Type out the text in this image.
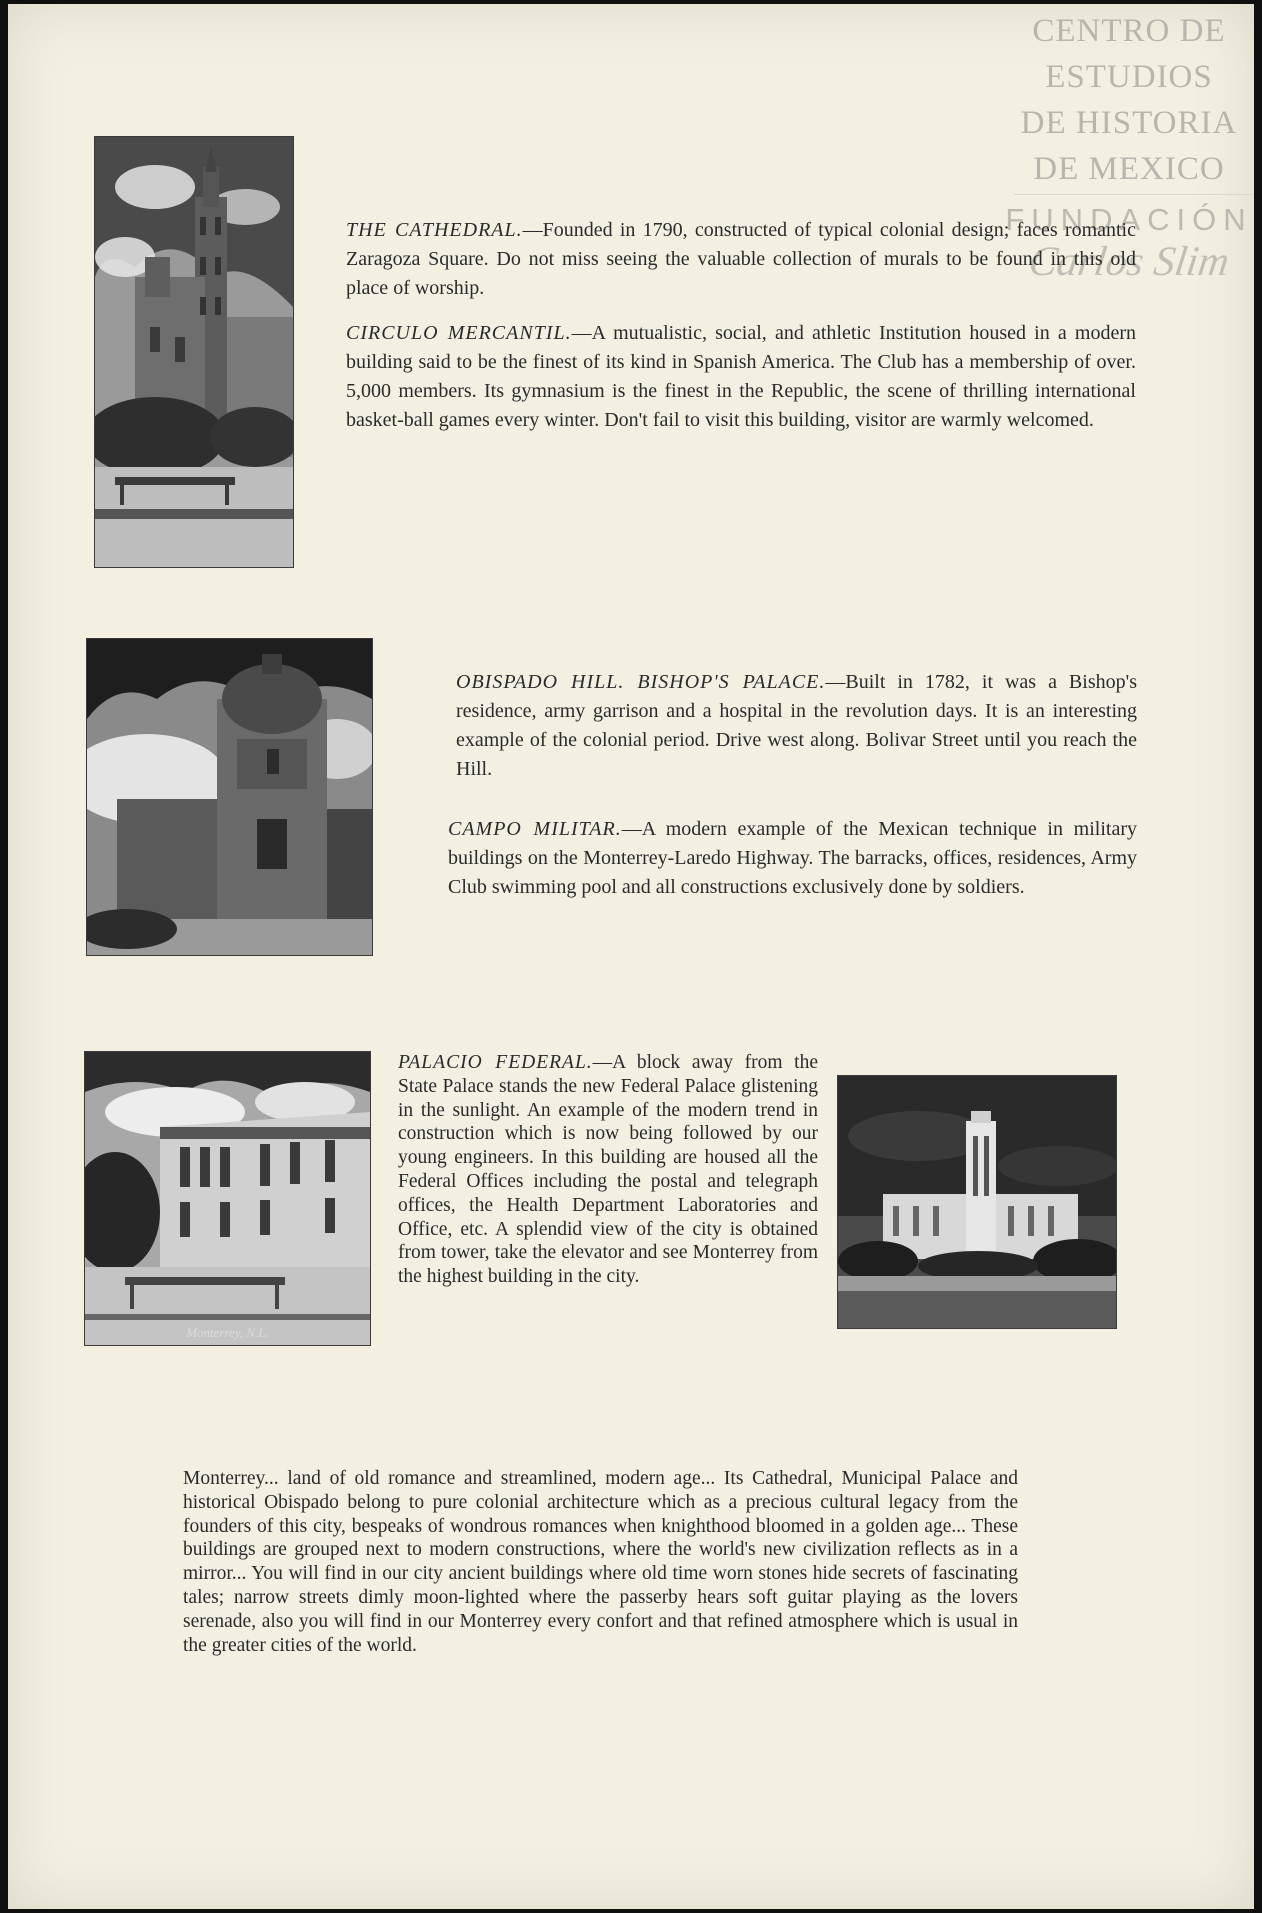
CENTRO DE
ESTUDIOS
DE HISTORIA
DE MEXICO
FUNDACIÓN
Carlos Slim

THE CATHEDRAL.—Founded in 1790, constructed of typical colonial design; faces romantic Zaragoza Square. Do not miss seeing the valuable collection of murals to be found in this old place of worship.

CIRCULO MERCANTIL.—A mutualistic, social, and athletic Institution housed in a modern building said to be the finest of its kind in Spanish America. The Club has a membership of over. 5,000 members. Its gymnasium is the finest in the Republic, the scene of thrilling international basket-ball games every winter. Don't fail to visit this building, visitor are warmly welcomed.

OBISPADO HILL. BISHOP'S PALACE.—Built in 1782, it was a Bishop's residence, army garrison and a hospital in the revolution days. It is an interesting example of the colonial period. Drive west along. Bolivar Street until you reach the Hill.

CAMPO MILITAR.—A modern example of the Mexican technique in military buildings on the Monterrey-Laredo Highway. The barracks, offices, residences, Army Club swimming pool and all constructions exclusively done by soldiers.

Monterrey, N.L.

PALACIO FEDERAL.—A block away from the State Palace stands the new Federal Palace glistening in the sunlight. An example of the modern trend in construction which is now being followed by our young engineers. In this building are housed all the Federal Offices including the postal and telegraph offices, the Health Department Laboratories and Office, etc. A splendid view of the city is obtained from tower, take the elevator and see Monterrey from the highest building in the city.

Monterrey... land of old romance and streamlined, modern age... Its Cathedral, Municipal Palace and historical Obispado belong to pure colonial architecture which as a precious cultural legacy from the founders of this city, bespeaks of wondrous romances when knighthood bloomed in a golden age... These buildings are grouped next to modern constructions, where the world's new civilization reflects as in a mirror... You will find in our city ancient buildings where old time worn stones hide secrets of fascinating tales; narrow streets dimly moon-lighted where the passerby hears soft guitar playing as the lovers serenade, also you will find in our Monterrey every confort and that refined atmosphere which is usual in the greater cities of the world.
